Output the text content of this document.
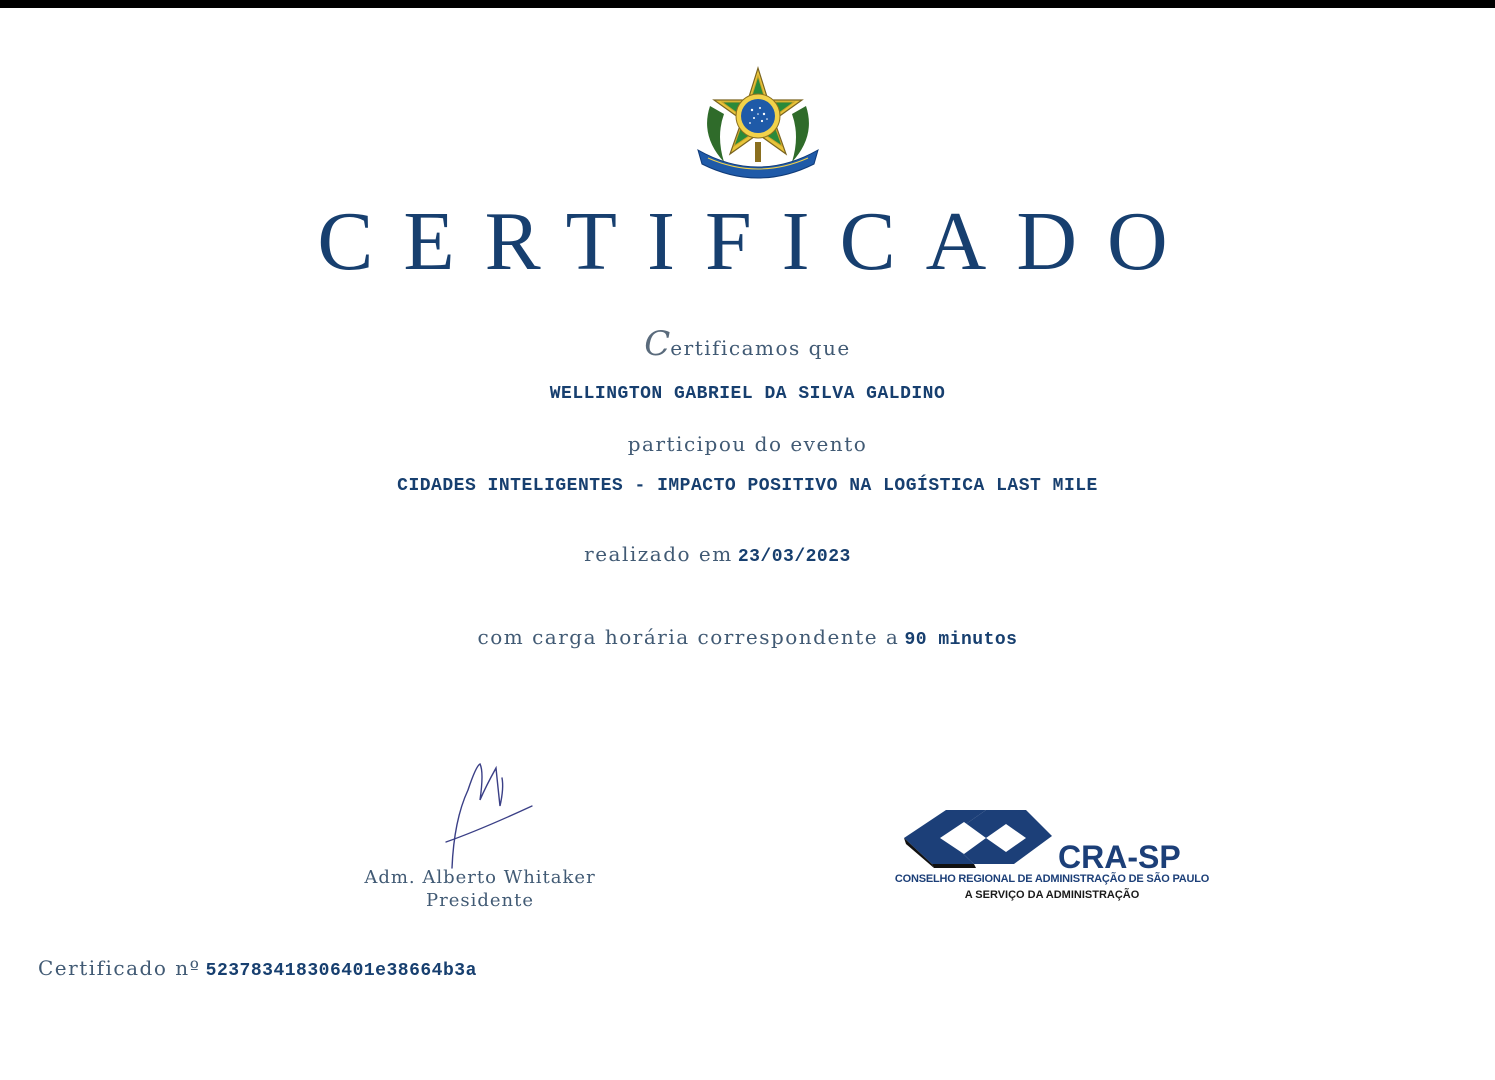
CERTIFICADO
Certificamos que
WELLINGTON GABRIEL DA SILVA GALDINO
participou do evento
CIDADES INTELIGENTES - IMPACTO POSITIVO NA LOGÍSTICA LAST MILE
realizado em 23/03/2023
com carga horária correspondente a 90 minutos
Adm. Alberto Whitaker
Presidente
CRA-SP
CONSELHO REGIONAL DE ADMINISTRAÇÃO DE SÃO PAULO
A SERVIÇO DA ADMINISTRAÇÃO
Certificado nº 523783418306401e38664b3a
